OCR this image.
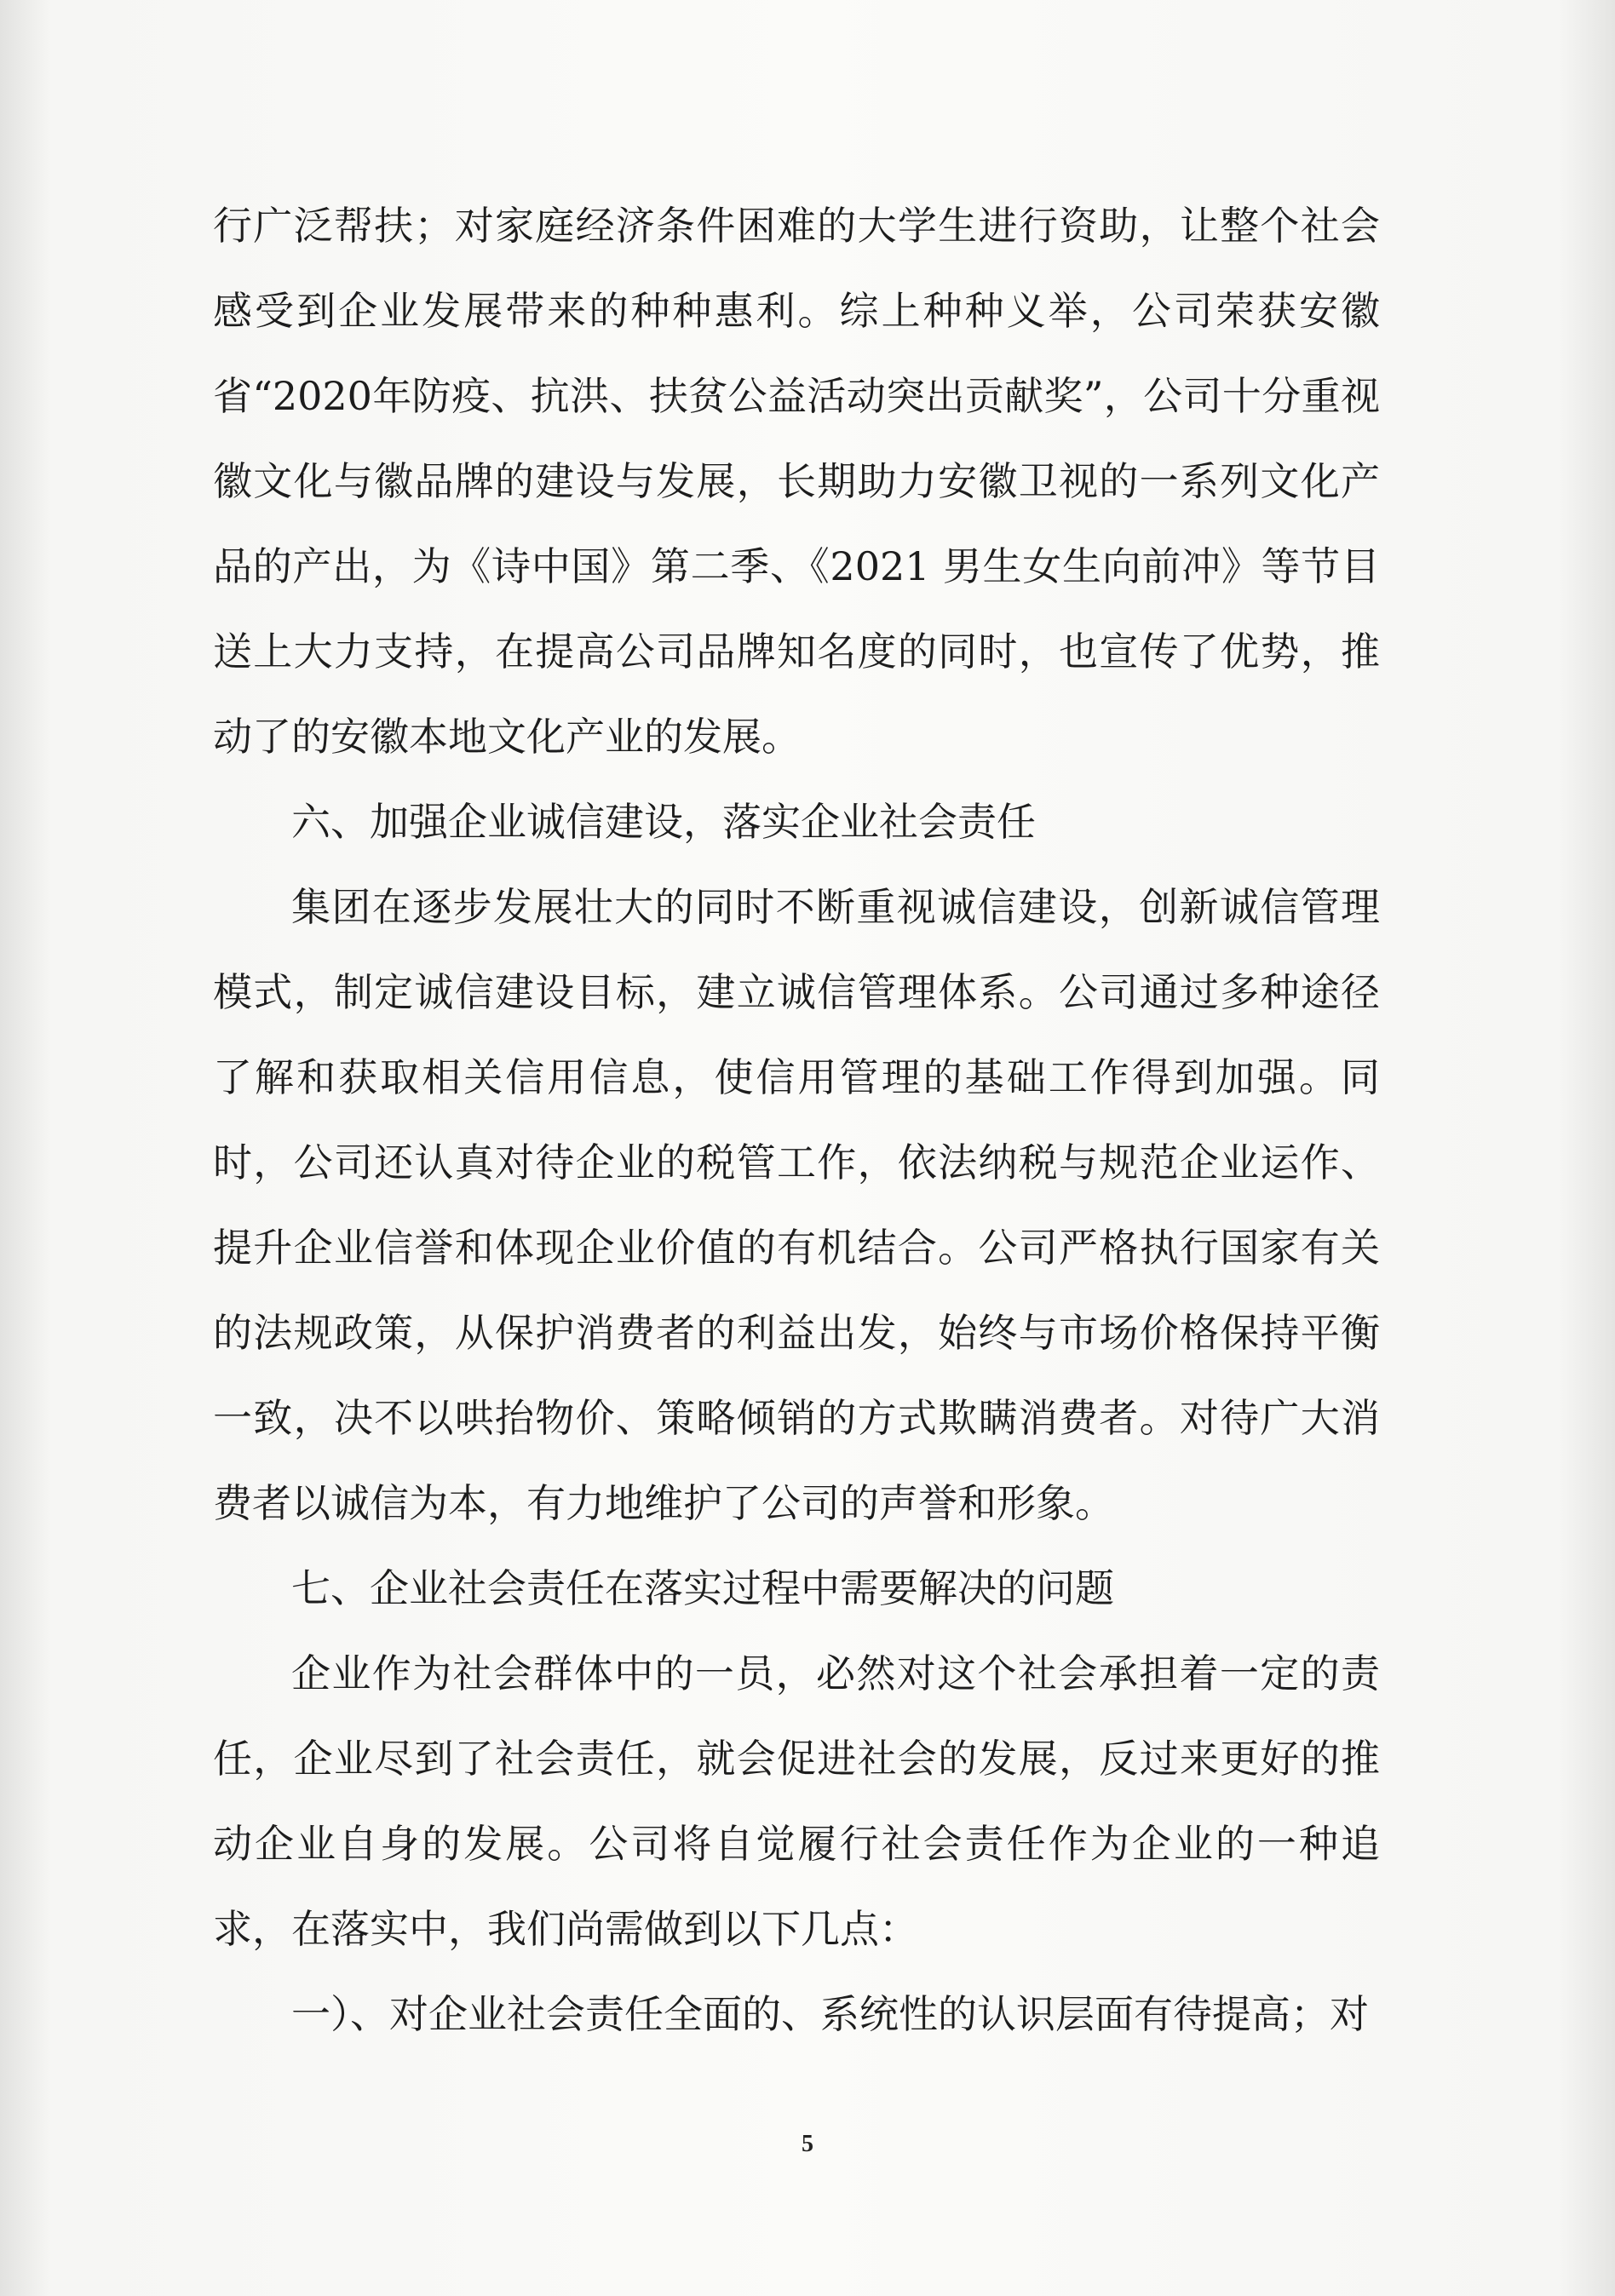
行广泛帮扶；对家庭经济条件困难的大学生进行资助，让整个社会感受到企业发展带来的种种惠利。综上种种义举，公司荣获安徽省“2020年防疫、抗洪、扶贫公益活动突出贡献奖”，公司十分重视徽文化与徽品牌的建设与发展，长期助力安徽卫视的一系列文化产品的产出，为《诗中国》第二季、《2021 男生女生向前冲》等节目送上大力支持，在提高公司品牌知名度的同时，也宣传了优势，推动了的安徽本地文化产业的发展。

六、加强企业诚信建设，落实企业社会责任

集团在逐步发展壮大的同时不断重视诚信建设，创新诚信管理模式，制定诚信建设目标，建立诚信管理体系。公司通过多种途径了解和获取相关信用信息，使信用管理的基础工作得到加强。同时，公司还认真对待企业的税管工作，依法纳税与规范企业运作、提升企业信誉和体现企业价值的有机结合。公司严格执行国家有关的法规政策，从保护消费者的利益出发，始终与市场价格保持平衡一致，决不以哄抬物价、策略倾销的方式欺瞒消费者。对待广大消费者以诚信为本，有力地维护了公司的声誉和形象。

七、企业社会责任在落实过程中需要解决的问题

企业作为社会群体中的一员，必然对这个社会承担着一定的责任，企业尽到了社会责任，就会促进社会的发展，反过来更好的推动企业自身的发展。公司将自觉履行社会责任作为企业的一种追求，在落实中，我们尚需做到以下几点：

一）、对企业社会责任全面的、系统性的认识层面有待提高；对

5
